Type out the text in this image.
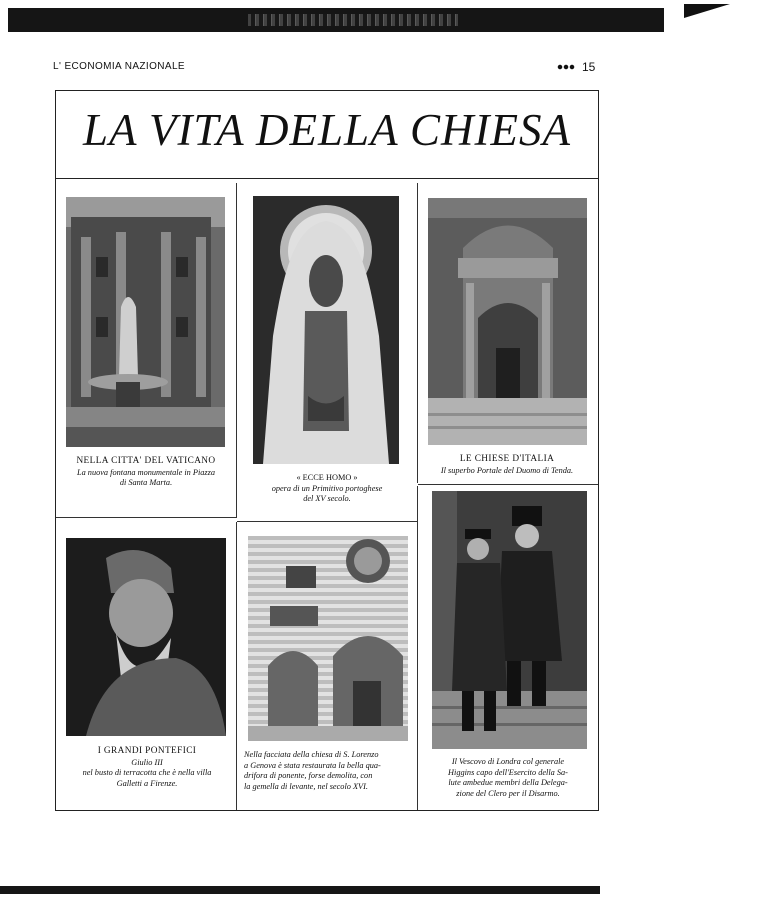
L' ECONOMIA NAZIONALE	15
LA VITA DELLA CHIESA
NELLA CITTA' DEL VATICANO
La nuova fontana monumentale in Piazza
di Santa Marta.
« ECCE HOMO »
opera di un Primitivo portoghese
del XV secolo.
LE CHIESE D'ITALIA
Il superbo Portale del Duomo di Tenda.
I GRANDI PONTEFICI
Giulio III
nel busto di terracotta che è nella villa
Galletti a Firenze.
Nella facciata della chiesa di S. Lorenzo
a Genova è stata restaurata la bella qua-
drifora di ponente, forse demolita, con
la gemella di levante, nel secolo XVI.
Il Vescovo di Londra col generale
Higgins capo dell'Esercito della Sa-
lute ambedue membri della Delega-
zione del Clero per il Disarmo.
